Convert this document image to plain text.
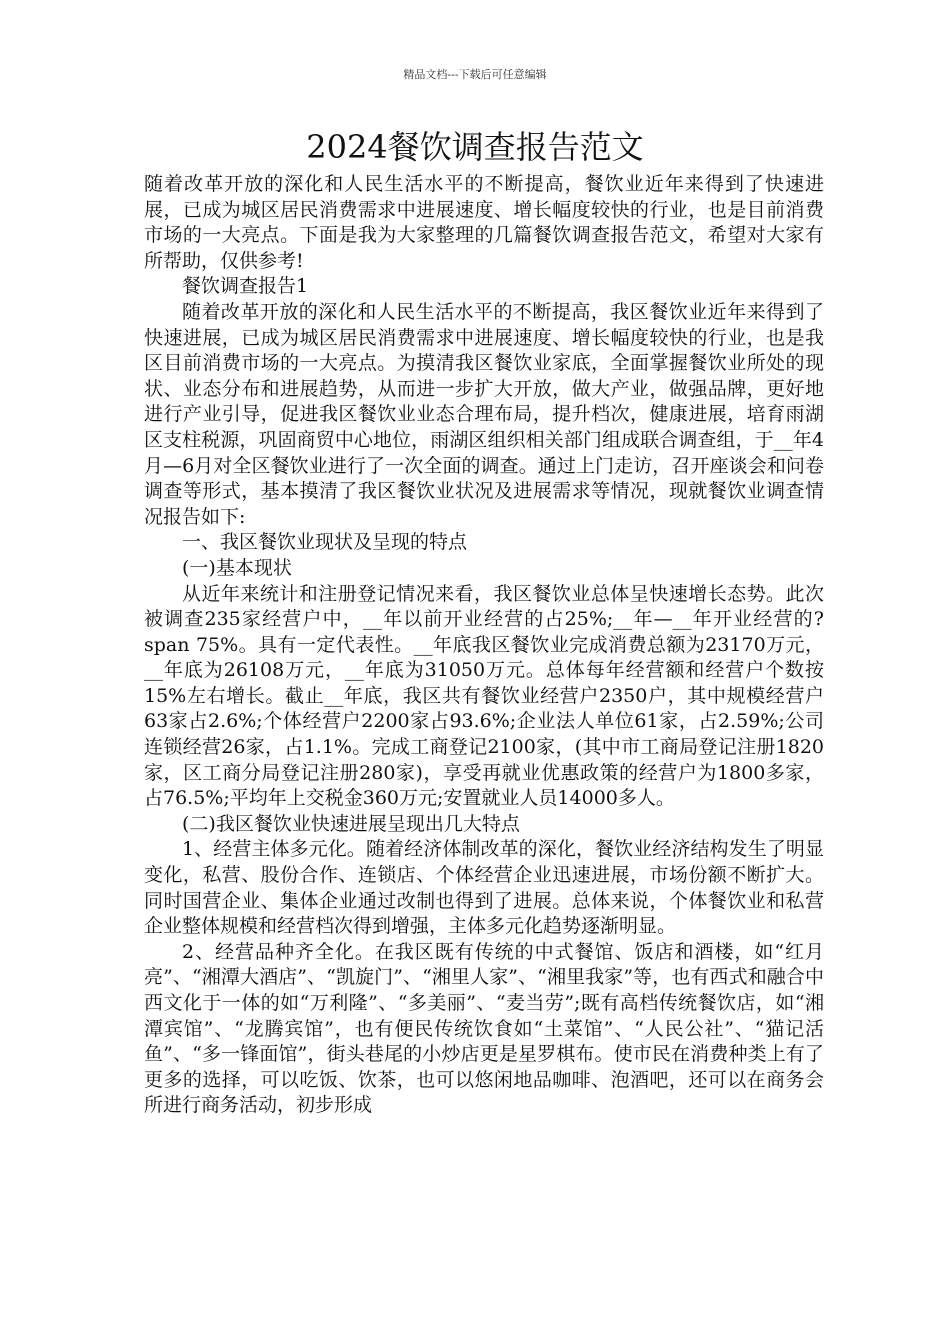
精品文档---下载后可任意编辑
2024餐饮调查报告范文

随着改革开放的深化和人民生活水平的不断提高，餐饮业近年来得到了快速进展，已成为城区居民消费需求中进展速度、增长幅度较快的行业，也是目前消费市场的一大亮点。下面是我为大家整理的几篇餐饮调查报告范文，希望对大家有所帮助，仅供参考!

餐饮调查报告1

随着改革开放的深化和人民生活水平的不断提高，我区餐饮业近年来得到了快速进展，已成为城区居民消费需求中进展速度、增长幅度较快的行业，也是我区目前消费市场的一大亮点。为摸清我区餐饮业家底，全面掌握餐饮业所处的现状、业态分布和进展趋势，从而进一步扩大开放，做大产业，做强品牌，更好地进行产业引导，促进我区餐饮业业态合理布局，提升档次，健康进展，培育雨湖区支柱税源，巩固商贸中心地位，雨湖区组织相关部门组成联合调查组，于__年4月—6月对全区餐饮业进行了一次全面的调查。通过上门走访，召开座谈会和问卷调查等形式，基本摸清了我区餐饮业状况及进展需求等情况，现就餐饮业调查情况报告如下:

一、我区餐饮业现状及呈现的特点

(一)基本现状

从近年来统计和注册登记情况来看，我区餐饮业总体呈快速增长态势。此次被调查235家经营户中，__年以前开业经营的占25%;__年—__年开业经营的?span 75%。具有一定代表性。__年底我区餐饮业完成消费总额为23170万元，__年底为26108万元，__年底为31050万元。总体每年经营额和经营户个数按15%左右增长。截止__年底，我区共有餐饮业经营户2350户，其中规模经营户63家占2.6%;个体经营户2200家占93.6%;企业法人单位61家，占2.59%;公司连锁经营26家，占1.1%。完成工商登记2100家，(其中市工商局登记注册1820家，区工商分局登记注册280家)，享受再就业优惠政策的经营户为1800多家，占76.5%;平均年上交税金360万元;安置就业人员14000多人。

(二)我区餐饮业快速进展呈现出几大特点

1、经营主体多元化。随着经济体制改革的深化，餐饮业经济结构发生了明显变化，私营、股份合作、连锁店、个体经营企业迅速进展，市场份额不断扩大。同时国营企业、集体企业通过改制也得到了进展。总体来说，个体餐饮业和私营企业整体规模和经营档次得到增强，主体多元化趋势逐渐明显。

2、经营品种齐全化。在我区既有传统的中式餐馆、饭店和酒楼，如“红月亮”、“湘潭大酒店”、“凯旋门”、“湘里人家”、“湘里我家”等，也有西式和融合中西文化于一体的如“万利隆”、“多美丽”、“麦当劳”;既有高档传统餐饮店，如“湘潭宾馆”、“龙腾宾馆”，也有便民传统饮食如“土菜馆”、“人民公社”、“猫记活鱼”、“多一锋面馆”，街头巷尾的小炒店更是星罗棋布。使市民在消费种类上有了更多的选择，可以吃饭、饮茶，也可以悠闲地品咖啡、泡酒吧，还可以在商务会所进行商务活动，初步形成
